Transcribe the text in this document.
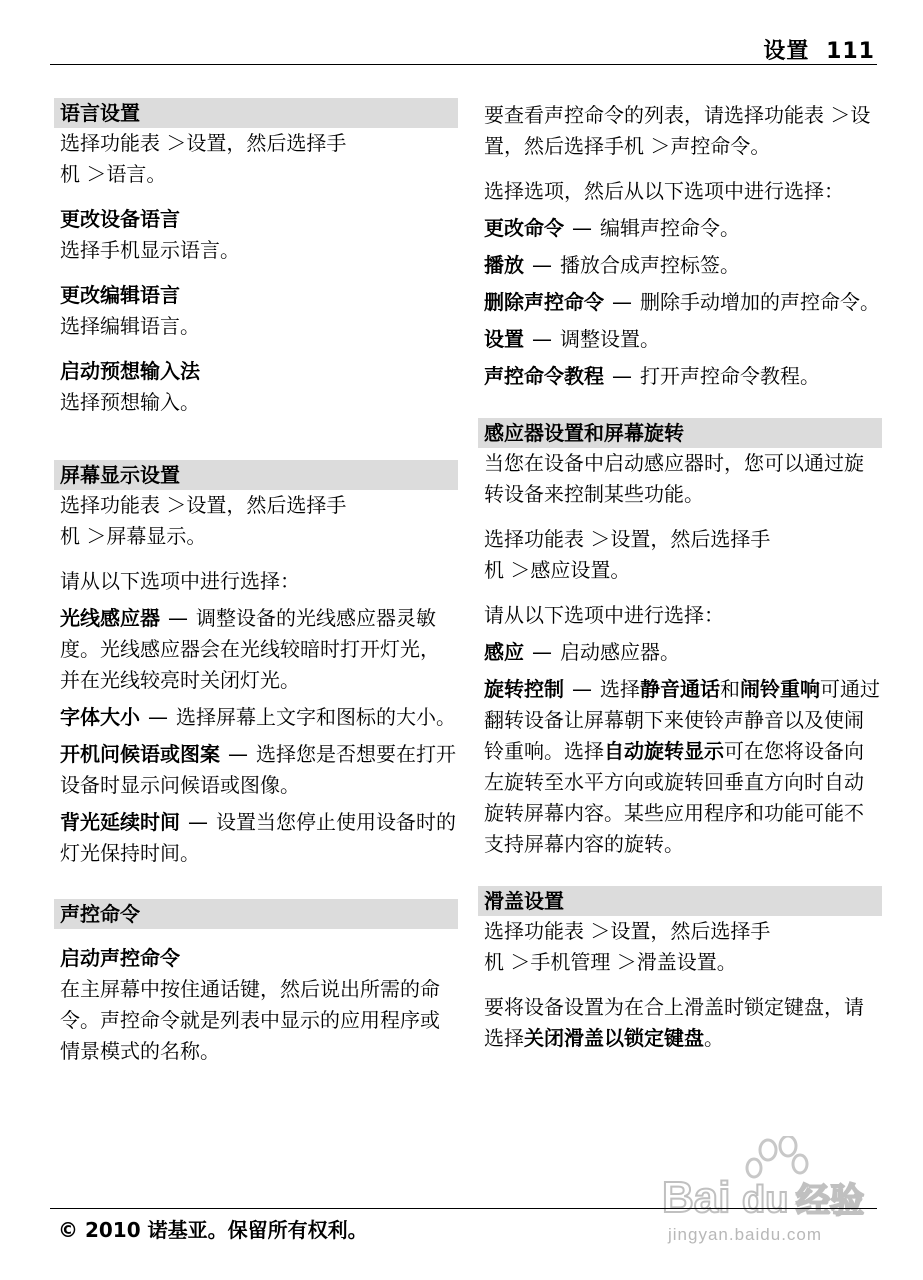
设置 111
语言设置

选择功能表 ＞设置，然后选择手
机 ＞语言。

更改设备语言

选择手机显示语言。

更改编辑语言

选择编辑语言。

启动预想输入法

选择预想输入。

屏幕显示设置

选择功能表 ＞设置，然后选择手
机 ＞屏幕显示。

请从以下选项中进行选择：

光线感应器 — 调整设备的光线感应器灵敏度。光线感应器会在光线较暗时打开灯光，并在光线较亮时关闭灯光。

字体大小 — 选择屏幕上文字和图标的大小。

开机问候语或图案 — 选择您是否想要在打开设备时显示问候语或图像。

背光延续时间 — 设置当您停止使用设备时的灯光保持时间。

声控命令
启动声控命令

在主屏幕中按住通话键，然后说出所需的命令。声控命令就是列表中显示的应用程序或情景模式的名称。

要查看声控命令的列表，请选择功能表 ＞设置，然后选择手机 ＞声控命令。

选择选项，然后从以下选项中进行选择：

更改命令 — 编辑声控命令。

播放 — 播放合成声控标签。

删除声控命令 — 删除手动增加的声控命令。

设置 — 调整设置。

声控命令教程 — 打开声控命令教程。

感应器设置和屏幕旋转

当您在设备中启动感应器时，您可以通过旋转设备来控制某些功能。

选择功能表 ＞设置，然后选择手
机 ＞感应设置。

请从以下选项中进行选择：

感应 — 启动感应器。

旋转控制 — 选择静音通话和闹铃重响可通过翻转设备让屏幕朝下来使铃声静音以及使闹铃重响。选择自动旋转显示可在您将设备向左旋转至水平方向或旋转回垂直方向时自动旋转屏幕内容。某些应用程序和功能可能不支持屏幕内容的旋转。

滑盖设置

选择功能表 ＞设置，然后选择手
机 ＞手机管理 ＞滑盖设置。

要将设备设置为在合上滑盖时锁定键盘，请选择关闭滑盖以锁定键盘。

Bai du 经验
jingyan.baidu.com
© 2010 诺基亚。保留所有权利。
